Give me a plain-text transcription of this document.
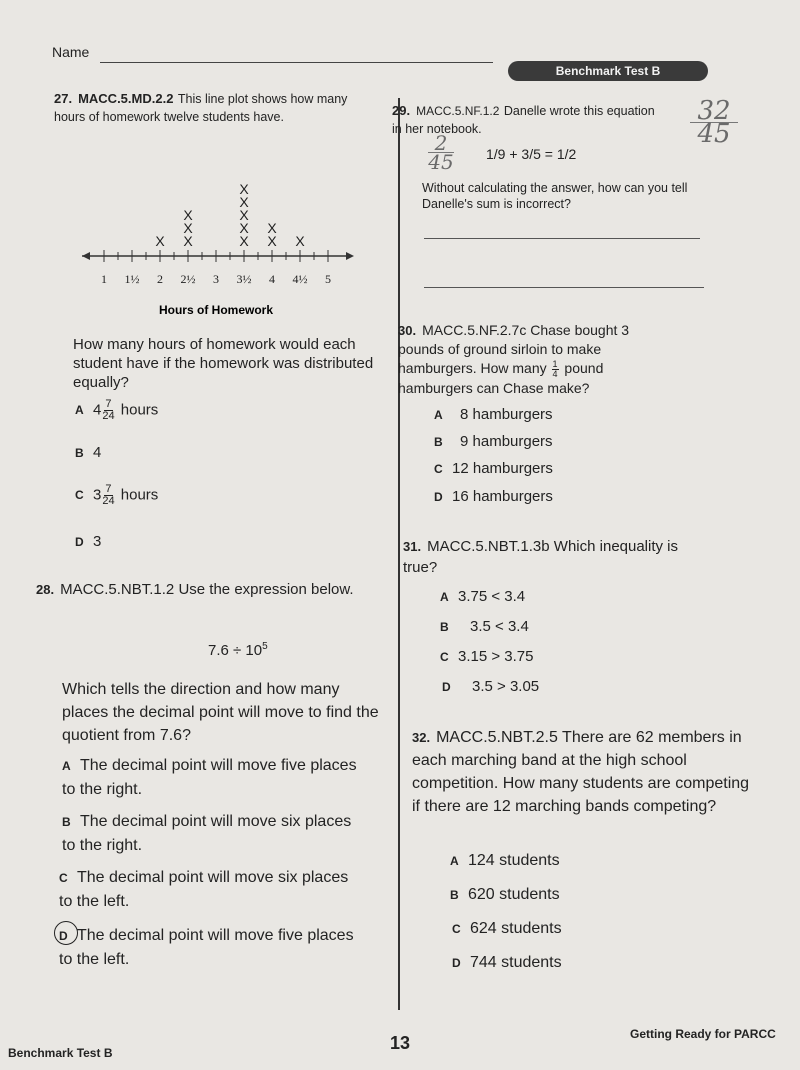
Name
Benchmark Test B
27. MACC.5.MD.2.2 This line plot shows how many hours of homework twelve students have.
1 1½ 2 2½ 3 3½ 4 4½ 5
X X
X
X
X
X
X
X
X
X
X
X
Hours of Homework
How many hours of homework would each student have if the homework was distributed equally?
A $4 \frac{7}{24}$ hours
B 4
C $3 \frac{7}{24}$ hours
D 3
28. MACC.5.NBT.1.2 Use the expression below.
$7.6 \div 10^5$
Which tells the direction and how many places the decimal point will move to find the quotient from 7.6?
A The decimal point will move five places to the right.
B The decimal point will move six places to the right.
C The decimal point will move six places to the left.
D The decimal point will move five places to the left.
29. MACC.5.NF.1.2 Danelle wrote this equation in her notebook.
1/9 + 3/5 = 1/2
2
45
32
45
Without calculating the answer, how can you tell Danelle's sum is incorrect?
30. MACC.5.NF.2.7c Chase bought 3 pounds of ground sirloin to make hamburgers. How many $\frac{1}{4}$ pound hamburgers can Chase make?
A 8 hamburgers
B 9 hamburgers
C 12 hamburgers
D 16 hamburgers
31. MACC.5.NBT.1.3b Which inequality is true?
A 3.75 < 3.4
B 3.5 < 3.4
C 3.15 > 3.75
D 3.5 > 3.05
32. MACC.5.NBT.2.5 There are 62 members in each marching band at the high school competition. How many students are competing if there are 12 marching bands competing?
A 124 students
B 620 students
C 624 students
D 744 students
Benchmark Test B	13	Getting Ready for PARCC
